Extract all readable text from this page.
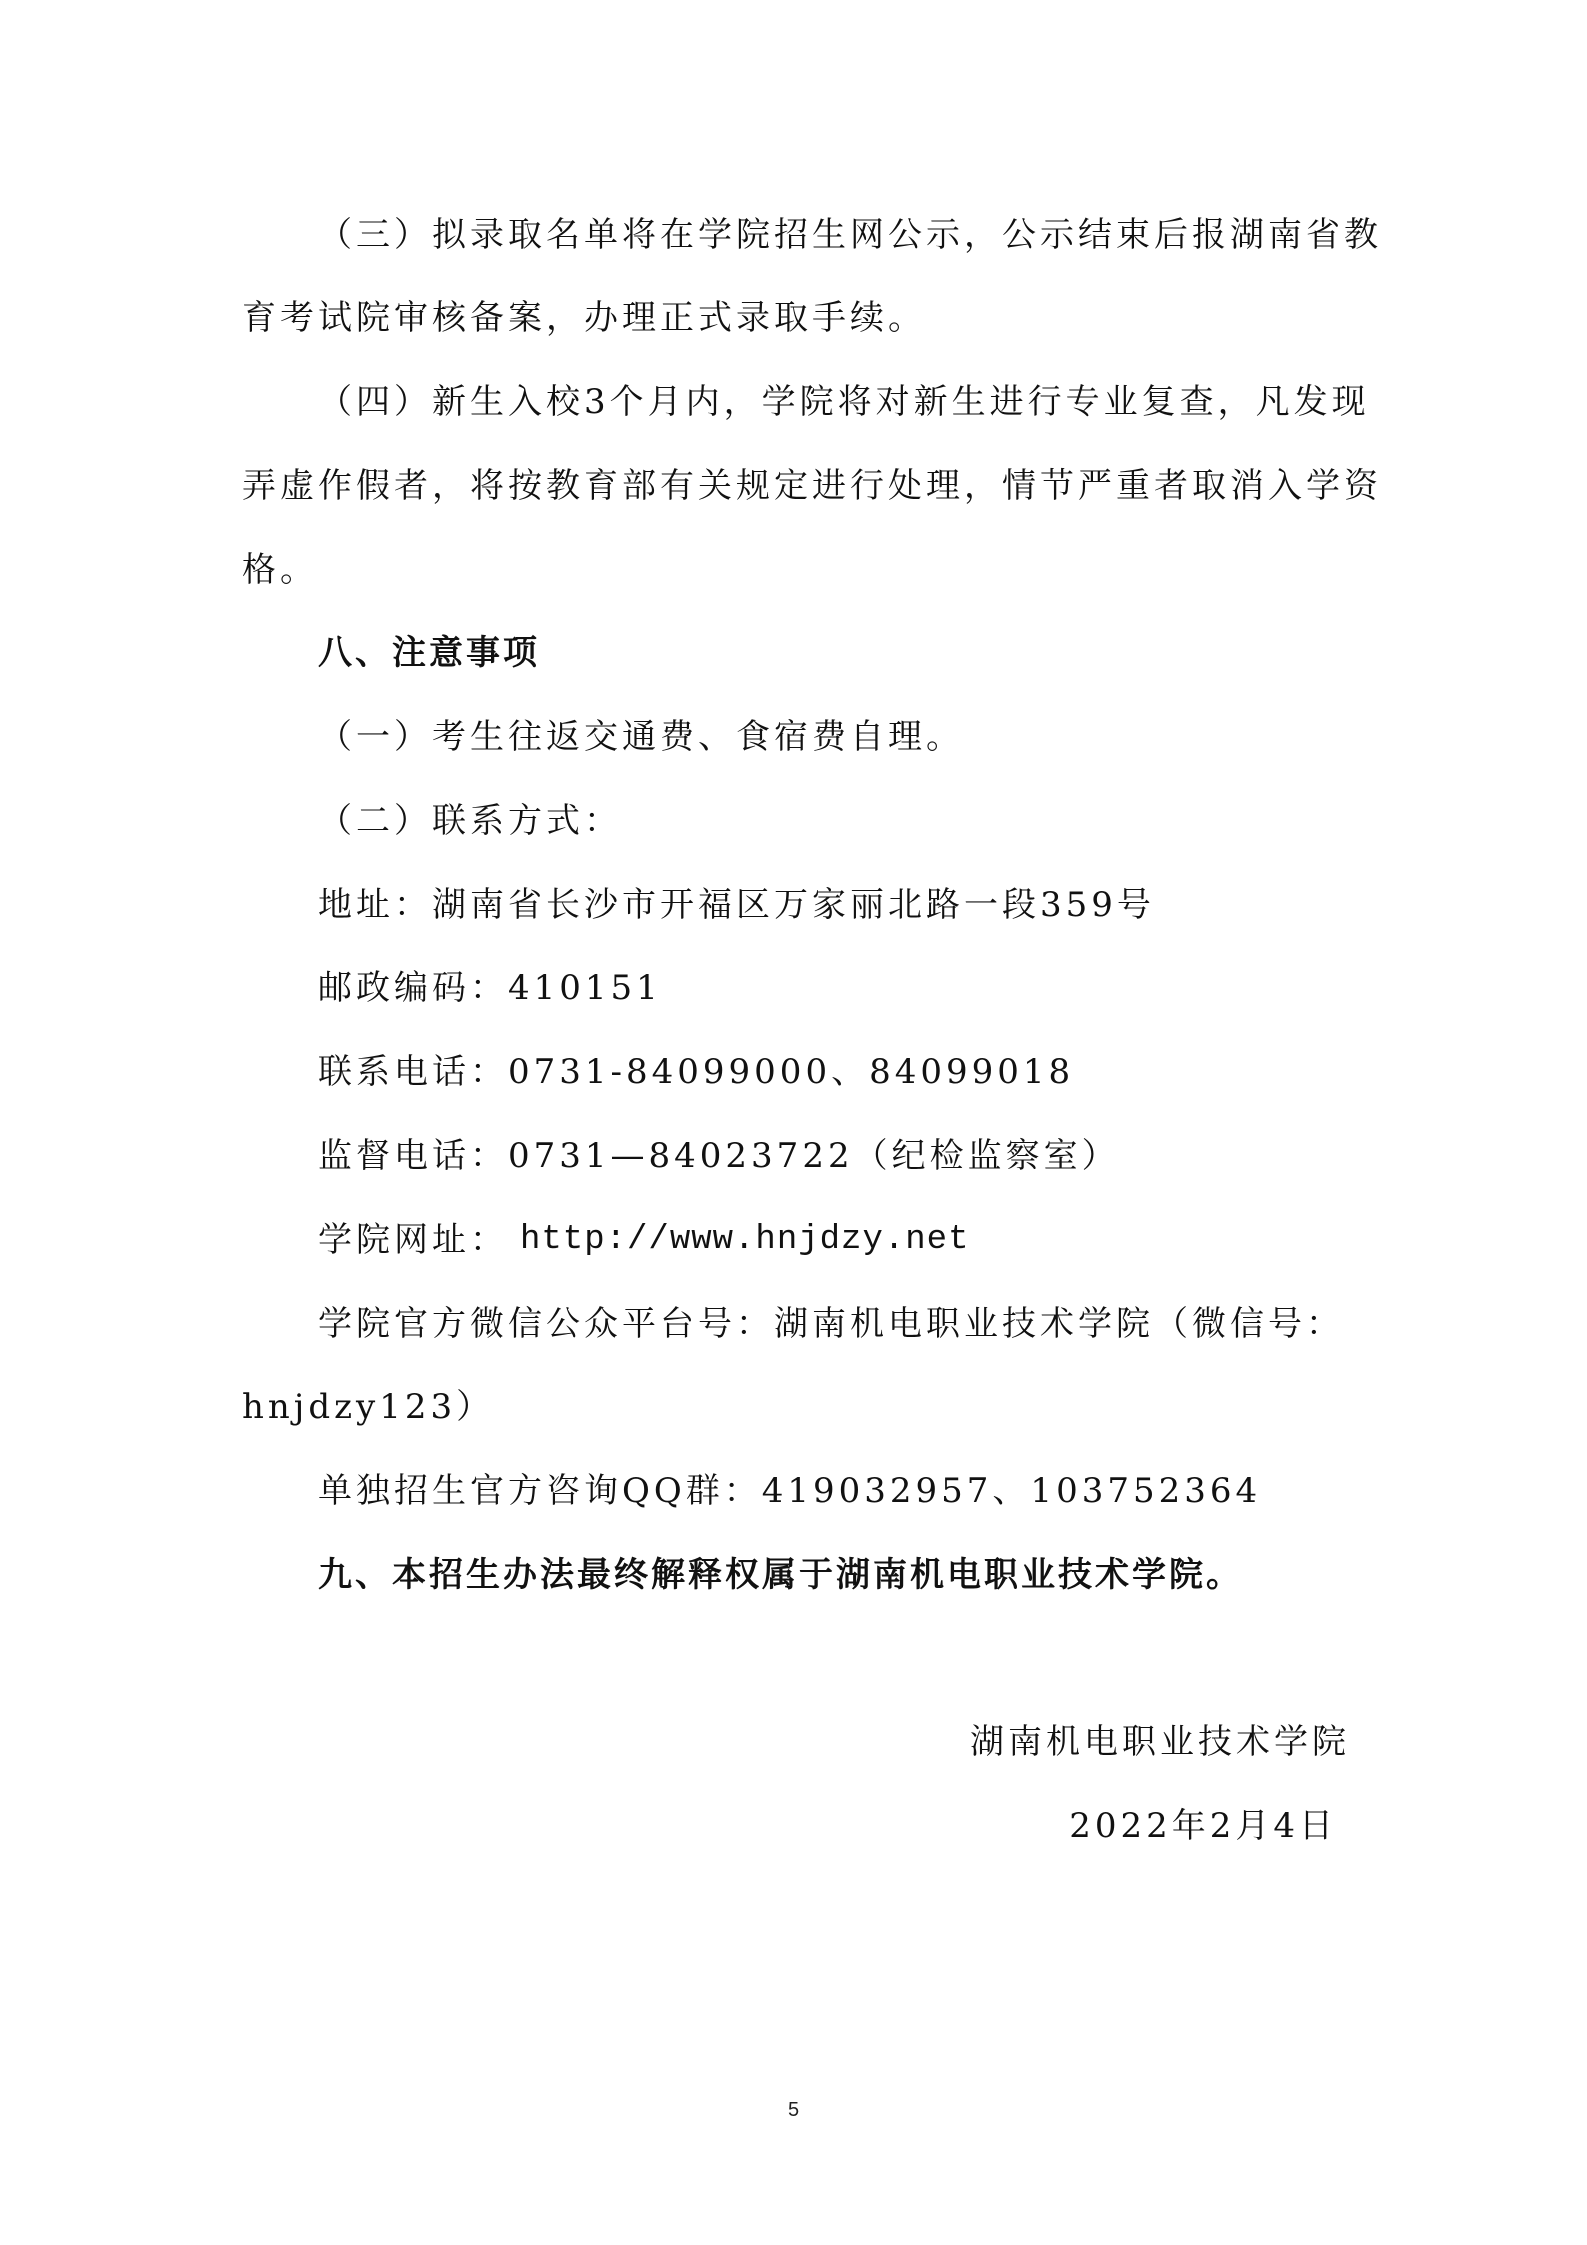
（三）拟录取名单将在学院招生网公示，公示结束后报湖南省教
育考试院审核备案，办理正式录取手续。
（四）新生入校3个月内，学院将对新生进行专业复查，凡发现
弄虚作假者，将按教育部有关规定进行处理，情节严重者取消入学资
格。
八、注意事项
（一）考生往返交通费、食宿费自理。
（二）联系方式：
地址：湖南省长沙市开福区万家丽北路一段359号
邮政编码：410151
联系电话：0731-84099000、84099018
监督电话：0731—84023722（纪检监察室）
学院网址： http://www.hnjdzy.net
学院官方微信公众平台号：湖南机电职业技术学院（微信号：
hnjdzy123）
单独招生官方咨询QQ群：419032957、103752364
九、本招生办法最终解释权属于湖南机电职业技术学院。
湖南机电职业技术学院
2022年2月4日
5
